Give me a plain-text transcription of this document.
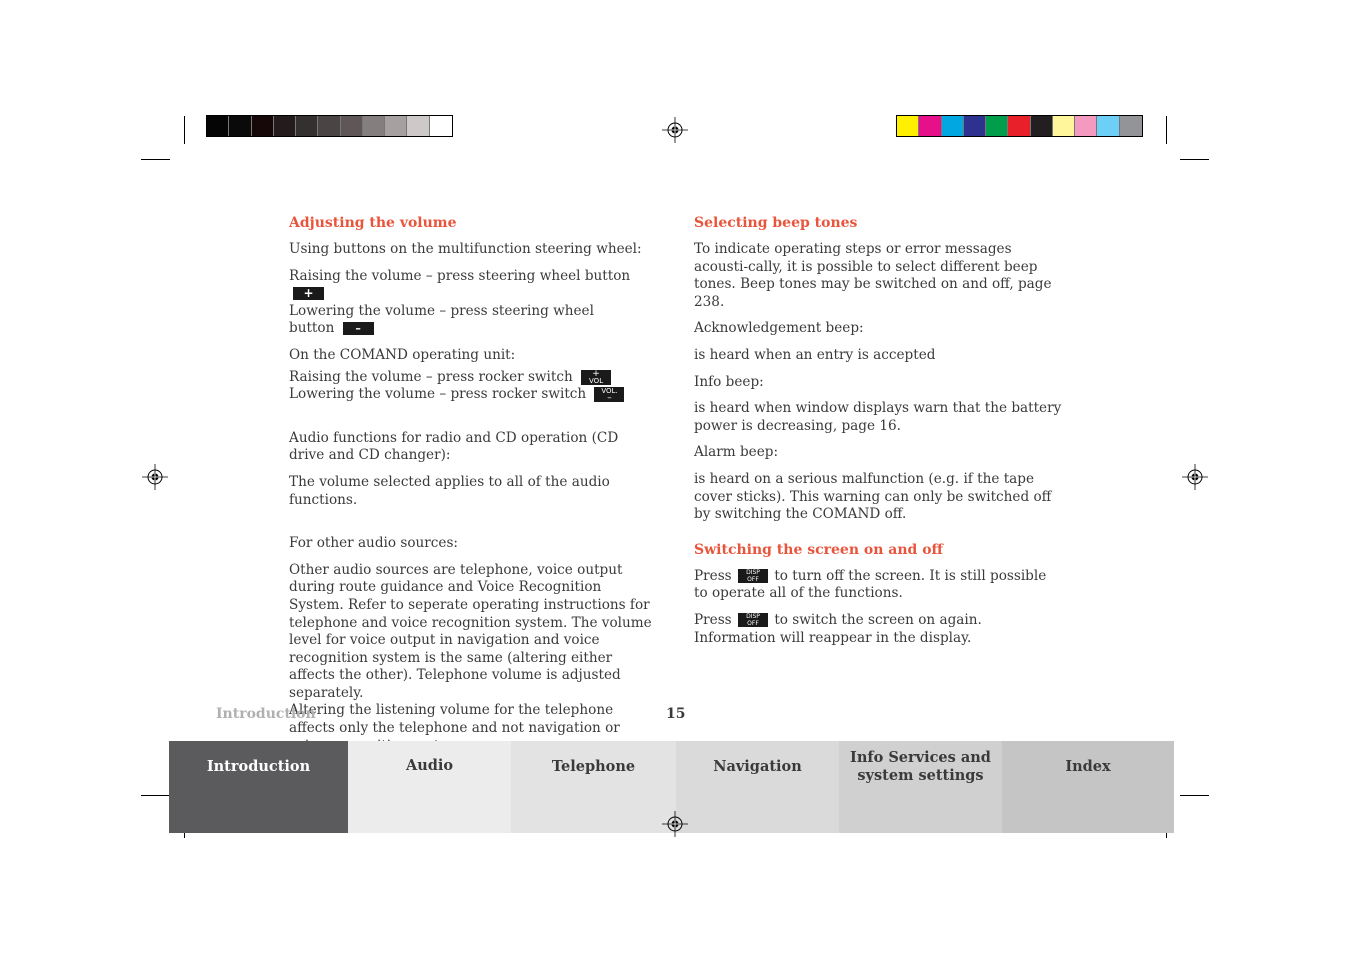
Adjusting the volume

Using buttons on the multifunction steering wheel:

Raising the volume – press steering wheel button +
Lowering the volume – press steering wheel
button –

On the COMAND operating unit:

Raising the volume – press rocker switch	+
VOL

Lowering the volume – press rocker switch	VOL.
–

Audio functions for radio and CD operation (CD drive and CD changer):

The volume selected applies to all of the audio functions.

For other audio sources:

Other audio sources are telephone, voice output during route guidance and Voice Recognition System. Refer to seperate operating instructions for telephone and voice recognition system. The volume level for voice output in navigation and voice recognition system is the same (altering either affects the other). Telephone volume is adjusted separately.

Altering the listening volume for the telephone affects only the telephone and not navigation or

Selecting beep tones

To indicate operating steps or error messages acousti-cally, it is possible to select different beep tones. Beep tones may be switched on and off, page 238.

Acknowledgement beep:

is heard when an entry is accepted

Info beep:

is heard when window displays warn that the battery power is decreasing, page 16.

Alarm beep:

is heard on a serious malfunction (e.g. if the tape cover sticks). This warning can only be switched off by switching the COMAND off.

Switching the screen on and off

Press	DISP
OFF	to turn off the screen. It is still possible to operate all of the functions.

Press	DISP
OFF	to switch the screen on again. Information will reappear in the display.

Introduction	15
Introduction	Audio	Telephone	Navigation
Info Services and
system settings
Index
